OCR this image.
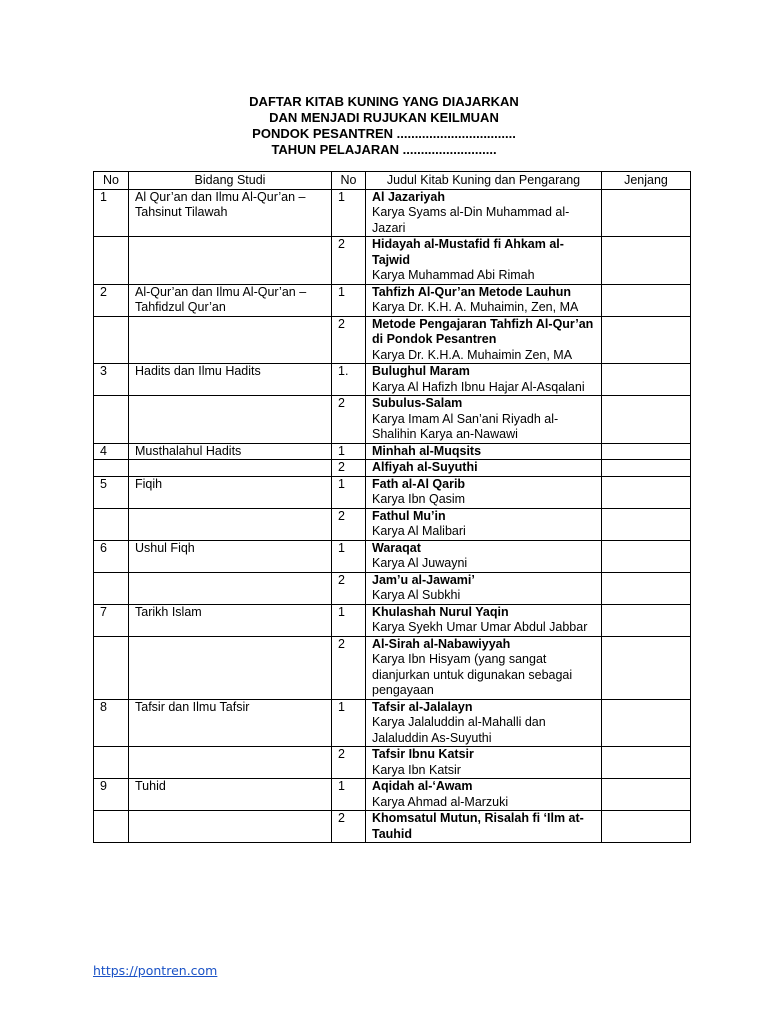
DAFTAR KITAB KUNING YANG DIAJARKAN
DAN MENJADI RUJUKAN KEILMUAN
PONDOK PESANTREN .................................
TAHUN PELAJARAN ..........................
No	Bidang Studi	No	Judul Kitab Kuning dan Pengarang	Jenjang
1	Al Qur’an dan Ilmu Al-Qur’an – Tahsinut Tilawah	1	Al Jazariyah
Karya Syams al-Din Muhammad al-Jazari	

		2	Hidayah al-Mustafid fi Ahkam al-Tajwid
Karya Muhammad Abi Rimah	

2	Al-Qur’an dan Ilmu Al-Qur’an – Tahfidzul Qur’an	1	Tahfizh Al-Qur’an Metode Lauhun
Karya Dr. K.H. A. Muhaimin, Zen, MA	

		2	Metode Pengajaran Tahfizh Al-Qur’an di Pondok Pesantren
Karya Dr. K.H.A. Muhaimin Zen, MA	

3	Hadits dan Ilmu Hadits	1.	Bulughul Maram
Karya Al Hafizh Ibnu Hajar Al-Asqalani	

		2	Subulus-Salam
Karya Imam Al San’ani Riyadh al-Shalihin Karya an-Nawawi	

4	Musthalahul Hadits	1	Minhah al-Muqsits	

		2	Alfiyah al-Suyuthi	

5	Fiqih	1	Fath al-Al Qarib
Karya Ibn Qasim	

		2	Fathul Mu’in
Karya Al Malibari	

6	Ushul Fiqh	1	Waraqat
Karya Al Juwayni	

		2	Jam’u al-Jawami’
Karya Al Subkhi	

7	Tarikh Islam	1	Khulashah Nurul Yaqin
Karya Syekh Umar Umar Abdul Jabbar	

		2	Al-Sirah al-Nabawiyyah
Karya Ibn Hisyam (yang sangat dianjurkan untuk digunakan sebagai pengayaan	

8	Tafsir dan Ilmu Tafsir	1	Tafsir al-Jalalayn
Karya Jalaluddin al-Mahalli dan Jalaluddin As-Suyuthi	

		2	Tafsir Ibnu Katsir
Karya Ibn Katsir	

9	Tuhid	1	Aqidah al-‘Awam
Karya Ahmad al-Marzuki	

		2	Khomsatul Mutun, Risalah fi ‘Ilm at-Tauhid	

https://pontren.com
